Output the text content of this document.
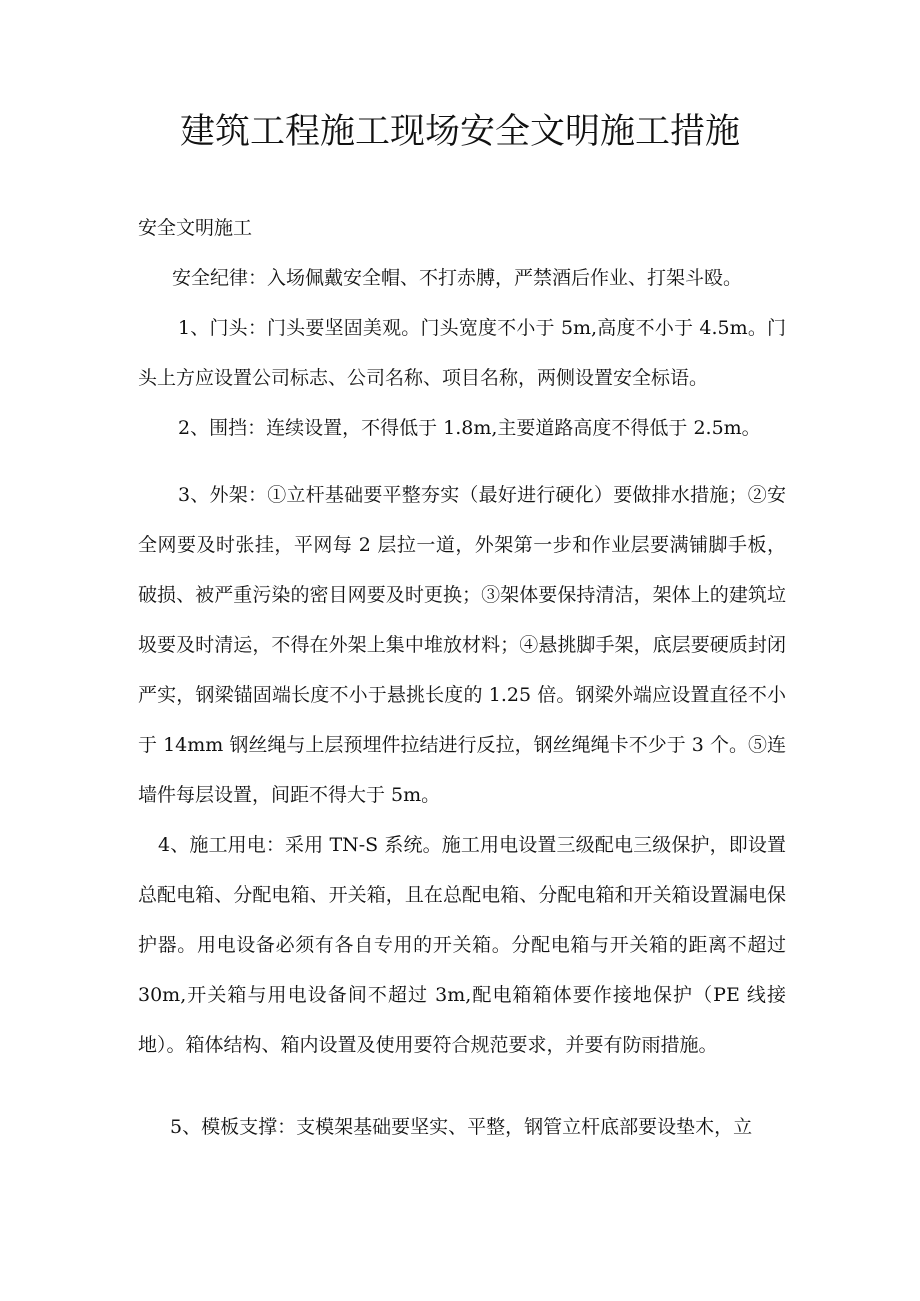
建筑工程施工现场安全文明施工措施

安全文明施工

安全纪律：入场佩戴安全帽、不打赤膊，严禁酒后作业、打架斗殴。

1、门头：门头要坚固美观。门头宽度不小于 5m,高度不小于 4.5m。门头上方应设置公司标志、公司名称、项目名称，两侧设置安全标语。

2、围挡：连续设置，不得低于 1.8m,主要道路高度不得低于 2.5m。

3、外架：①立杆基础要平整夯实（最好进行硬化）要做排水措施；②安全网要及时张挂，平网每 2 层拉一道，外架第一步和作业层要满铺脚手板，破损、被严重污染的密目网要及时更换；③架体要保持清洁，架体上的建筑垃圾要及时清运，不得在外架上集中堆放材料；④悬挑脚手架，底层要硬质封闭严实，钢梁锚固端长度不小于悬挑长度的 1.25 倍。钢梁外端应设置直径不小于 14mm 钢丝绳与上层预埋件拉结进行反拉，钢丝绳绳卡不少于 3 个。⑤连墙件每层设置，间距不得大于 5m。

4、施工用电：采用 TN-S 系统。施工用电设置三级配电三级保护，即设置总配电箱、分配电箱、开关箱，且在总配电箱、分配电箱和开关箱设置漏电保护器。用电设备必须有各自专用的开关箱。分配电箱与开关箱的距离不超过 30m,开关箱与用电设备间不超过 3m,配电箱箱体要作接地保护（PE 线接地）。箱体结构、箱内设置及使用要符合规范要求，并要有防雨措施。

5、模板支撑：支模架基础要坚实、平整，钢管立杆底部要设垫木，立
